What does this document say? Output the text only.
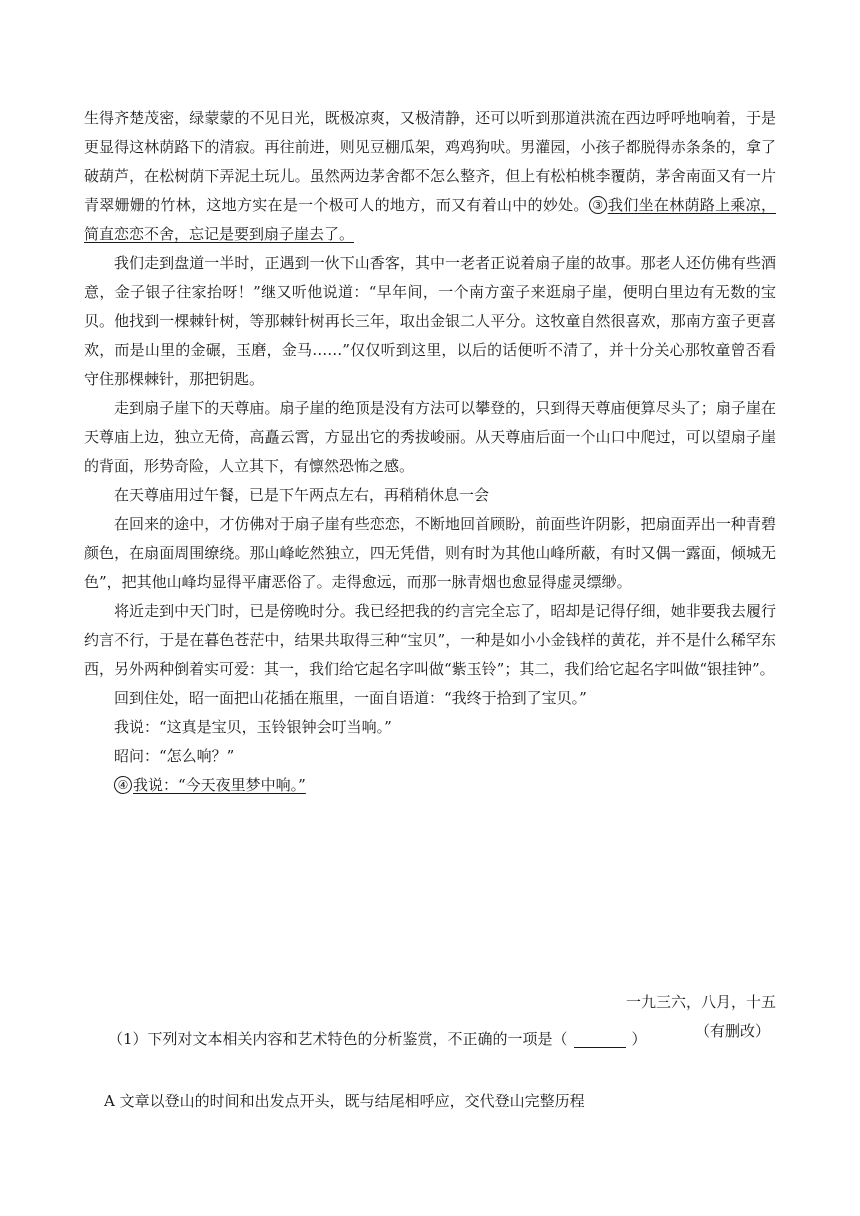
生得齐楚茂密，绿蒙蒙的不见日光，既极凉爽，又极清静，还可以听到那道洪流在西边呼呼地响着，于是更显得这林荫路下的清寂。再往前进，则见豆棚瓜架，鸡鸡狗吠。男灌园，小孩子都脱得赤条条的，拿了破葫芦，在松树荫下弄泥土玩儿。虽然两边茅舍都不怎么整齐，但上有松柏桃李覆荫，茅舍南面又有一片青翠姗姗的竹林，这地方实在是一个极可人的地方，而又有着山中的妙处。 ③ 我们坐在林荫路上乘凉，简直恋恋不舍，忘记是要到扇子崖去了。

我们走到盘道一半时，正遇到一伙下山香客，其中一老者正说着扇子崖的故事。那老人还仿佛有些酒意，金子银子往家抬呀！”继又听他说道：“早年间，一个南方蛮子来逛扇子崖，便明白里边有无数的宝贝。他找到一棵棘针树，等那棘针树再长三年，取出金银二人平分。这牧童自然很喜欢，那南方蛮子更喜欢，而是山里的金碾，玉磨，金马……”仅仅听到这里，以后的话便听不清了，并十分关心那牧童曾否看守住那棵棘针，那把钥匙。

走到扇子崖下的天尊庙。扇子崖的绝顶是没有方法可以攀登的，只到得天尊庙便算尽头了；扇子崖在天尊庙上边，独立无倚，高矗云霄，方显出它的秀拔峻丽。从天尊庙后面一个山口中爬过，可以望扇子崖的背面，形势奇险，人立其下，有懔然恐怖之感。

在天尊庙用过午餐，已是下午两点左右，再稍稍休息一会

在回来的途中，才仿佛对于扇子崖有些恋恋，不断地回首顾盼，前面些许阴影，把扇面弄出一种青碧颜色，在扇面周围缭绕。那山峰屹然独立，四无凭借，则有时为其他山峰所蔽，有时又偶一露面，倾城无色”，把其他山峰均显得平庸恶俗了。走得愈远，而那一脉青烟也愈显得虚灵缥缈。

将近走到中天门时，已是傍晚时分。我已经把我的约言完全忘了，昭却是记得仔细，她非要我去履行约言不行，于是在暮色苍茫中，结果共取得三种“宝贝”，一种是如小小金钱样的黄花，并不是什么稀罕东西，另外两种倒着实可爱：其一，我们给它起名字叫做“紫玉铃”；其二，我们给它起名字叫做“银挂钟”。

回到住处，昭一面把山花插在瓶里，一面自语道：“我终于拾到了宝贝。”

我说：“这真是宝贝，玉铃银钟会叮当响。”

昭问：“怎么响？”

④ 我说：“今天夜里梦中响。”

一九三六，八月，十五
（有删改）
（1）下列对文本相关内容和艺术特色的分析鉴赏，不正确的一项是（	）
A 文章以登山的时间和出发点开头，既与结尾相呼应，交代登山完整历程
